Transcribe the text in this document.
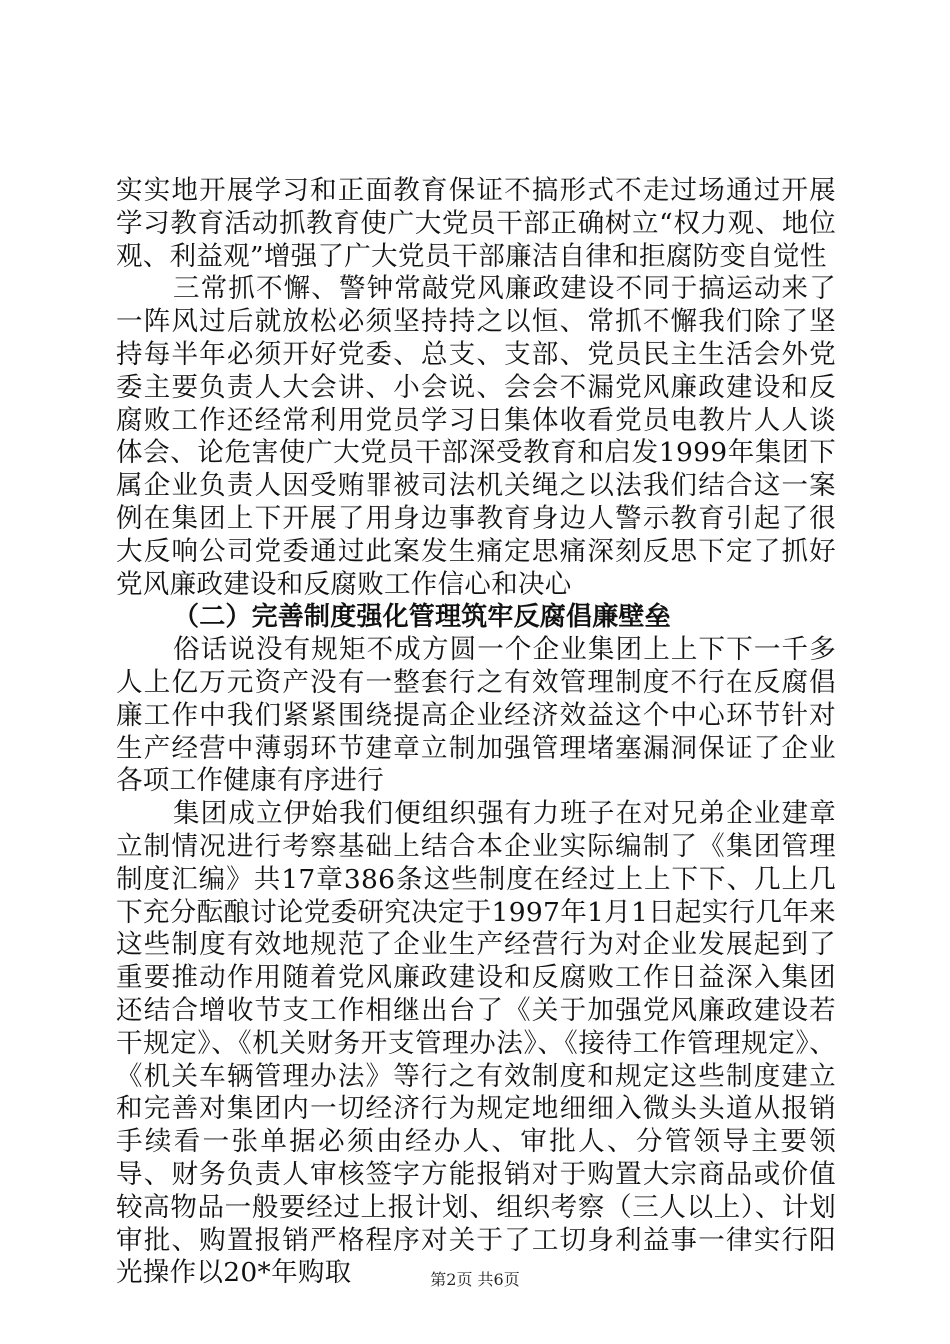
实实地开展学习和正面教育保证不搞形式不走过场通过开展学习教育活动抓教育使广大党员干部正确树立“权力观、地位观、利益观”增强了广大党员干部廉洁自律和拒腐防变自觉性

三常抓不懈、警钟常敲党风廉政建设不同于搞运动来了一阵风过后就放松必须坚持持之以恒、常抓不懈我们除了坚持每半年必须开好党委、总支、支部、党员民主生活会外党委主要负责人大会讲、小会说、会会不漏党风廉政建设和反腐败工作还经常利用党员学习日集体收看党员电教片人人谈体会、论危害使广大党员干部深受教育和启发1999年集团下属企业负责人因受贿罪被司法机关绳之以法我们结合这一案例在集团上下开展了用身边事教育身边人警示教育引起了很大反响公司党委通过此案发生痛定思痛深刻反思下定了抓好党风廉政建设和反腐败工作信心和决心

（二）完善制度强化管理筑牢反腐倡廉壁垒

俗话说没有规矩不成方圆一个企业集团上上下下一千多人上亿万元资产没有一整套行之有效管理制度不行在反腐倡廉工作中我们紧紧围绕提高企业经济效益这个中心环节针对生产经营中薄弱环节建章立制加强管理堵塞漏洞保证了企业各项工作健康有序进行

集团成立伊始我们便组织强有力班子在对兄弟企业建章立制情况进行考察基础上结合本企业实际编制了《集团管理制度汇编》共17章386条这些制度在经过上上下下、几上几下充分酝酿讨论党委研究决定于1997年1月1日起实行几年来这些制度有效地规范了企业生产经营行为对企业发展起到了重要推动作用随着党风廉政建设和反腐败工作日益深入集团还结合增收节支工作相继出台了《关于加强党风廉政建设若干规定》、《机关财务开支管理办法》、《接待工作管理规定》、《机关车辆管理办法》等行之有效制度和规定这些制度建立和完善对集团内一切经济行为规定地细细入微头头道从报销手续看一张单据必须由经办人、审批人、分管领导主要领导、财务负责人审核签字方能报销对于购置大宗商品或价值较高物品一般要经过上报计划、组织考察（三人以上）、计划审批、购置报销严格程序对关于了工切身利益事一律实行阳光操作以20*年购取	第2页 共6页
